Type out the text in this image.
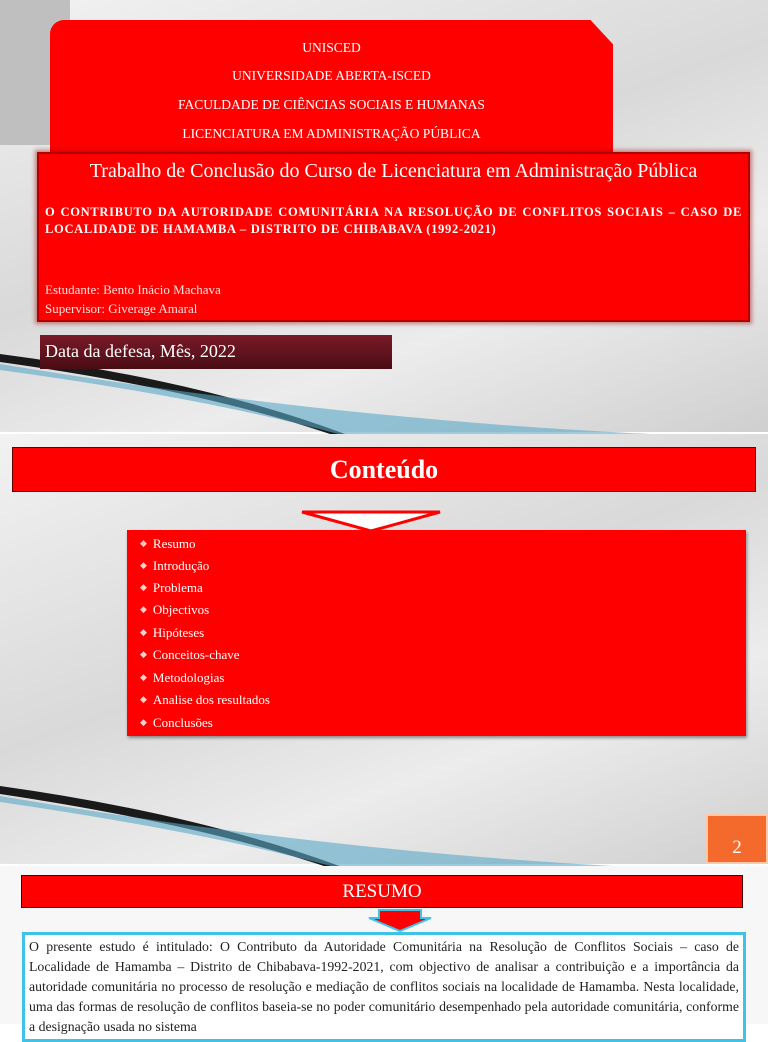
UNISCED
UNIVERSIDADE ABERTA-ISCED
FACULDADE DE CIÊNCIAS SOCIAIS E HUMANAS
LICENCIATURA EM ADMINISTRAÇÃO PÚBLICA
Trabalho de Conclusão do Curso de Licenciatura em Administração Pública
O CONTRIBUTO DA AUTORIDADE COMUNITÁRIA NA RESOLUÇÃO DE CONFLITOS SOCIAIS – CASO DE LOCALIDADE DE HAMAMBA – DISTRITO DE CHIBABAVA (1992-2021)
Estudante: Bento Inácio Machava
Supervisor: Giverage Amaral
Data da defesa, Mês, 2022
Conteúdo
◆ Resumo
◆ Introdução
◆ Problema
◆ Objectivos
◆ Hipóteses
◆ Conceitos-chave
◆ Metodologias
◆ Analise dos resultados
◆ Conclusões
2
RESUMO
O presente estudo é intitulado: O Contributo da Autoridade Comunitária na Resolução de Conflitos Sociais – caso de Localidade de Hamamba – Distrito de Chibabava-1992-2021, com objectivo de analisar a contribuição e a importância da autoridade comunitária no processo de resolução e mediação de conflitos sociais na localidade de Hamamba. Nesta localidade, uma das formas de resolução de conflitos baseia-se no poder comunitário desempenhado pela autoridade comunitária, conforme a designação usada no sistema
